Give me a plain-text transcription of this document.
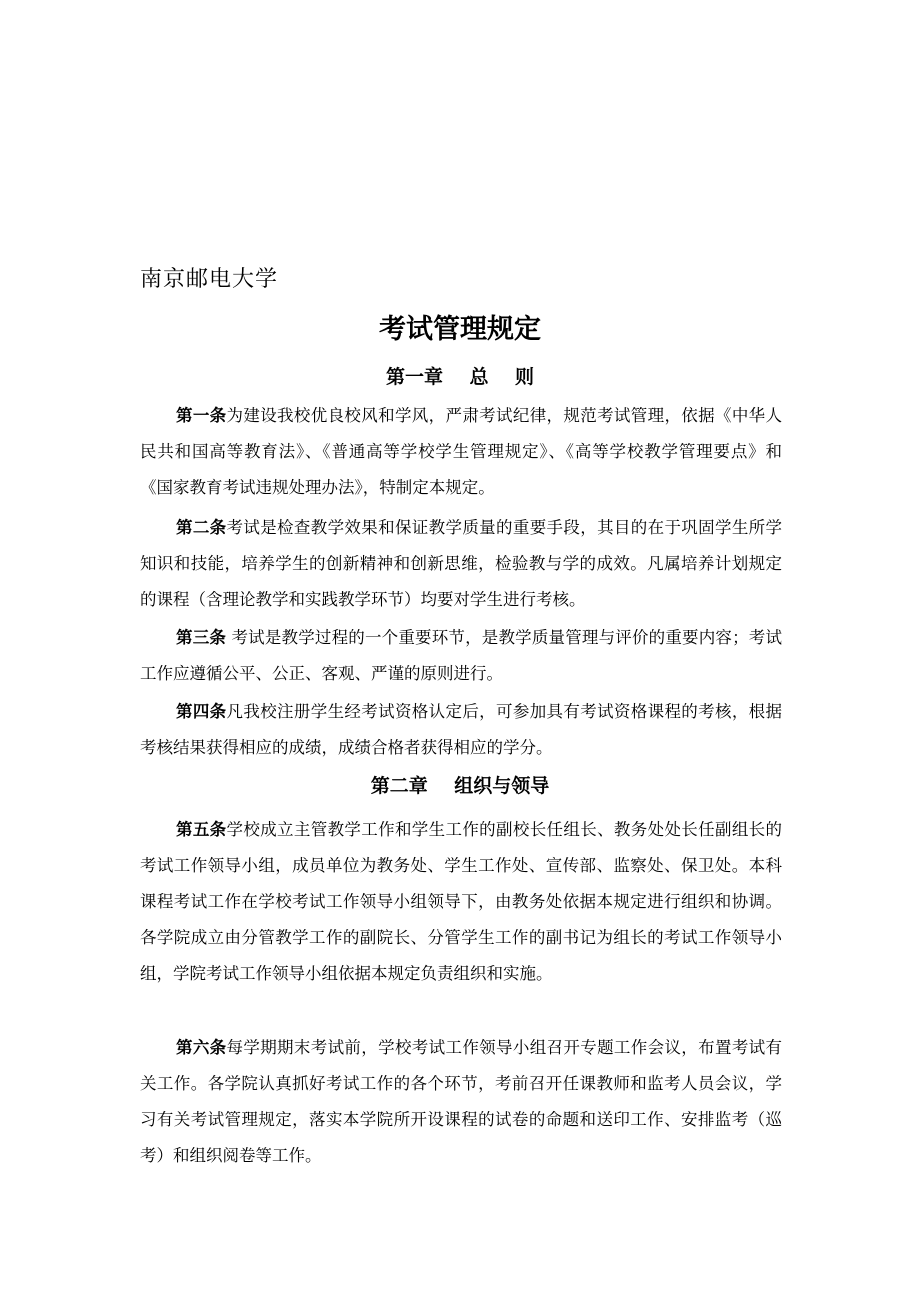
南京邮电大学
考试管理规定
第一章    总    则
第一条为建设我校优良校风和学风，严肃考试纪律，规范考试管理，依据《中华人民共和国高等教育法》、《普通高等学校学生管理规定》、《高等学校教学管理要点》和《国家教育考试违规处理办法》，特制定本规定。
第二条考试是检查教学效果和保证教学质量的重要手段，其目的在于巩固学生所学知识和技能，培养学生的创新精神和创新思维，检验教与学的成效。凡属培养计划规定的课程（含理论教学和实践教学环节）均要对学生进行考核。
第三条 考试是教学过程的一个重要环节，是教学质量管理与评价的重要内容；考试工作应遵循公平、公正、客观、严谨的原则进行。
第四条凡我校注册学生经考试资格认定后，可参加具有考试资格课程的考核，根据考核结果获得相应的成绩，成绩合格者获得相应的学分。
第二章    组织与领导
第五条学校成立主管教学工作和学生工作的副校长任组长、教务处处长任副组长的考试工作领导小组，成员单位为教务处、学生工作处、宣传部、监察处、保卫处。本科课程考试工作在学校考试工作领导小组领导下，由教务处依据本规定进行组织和协调。各学院成立由分管教学工作的副院长、分管学生工作的副书记为组长的考试工作领导小组，学院考试工作领导小组依据本规定负责组织和实施。
第六条每学期期末考试前，学校考试工作领导小组召开专题工作会议，布置考试有关工作。各学院认真抓好考试工作的各个环节，考前召开任课教师和监考人员会议，学习有关考试管理规定，落实本学院所开设课程的试卷的命题和送印工作、安排监考（巡考）和组织阅卷等工作。
